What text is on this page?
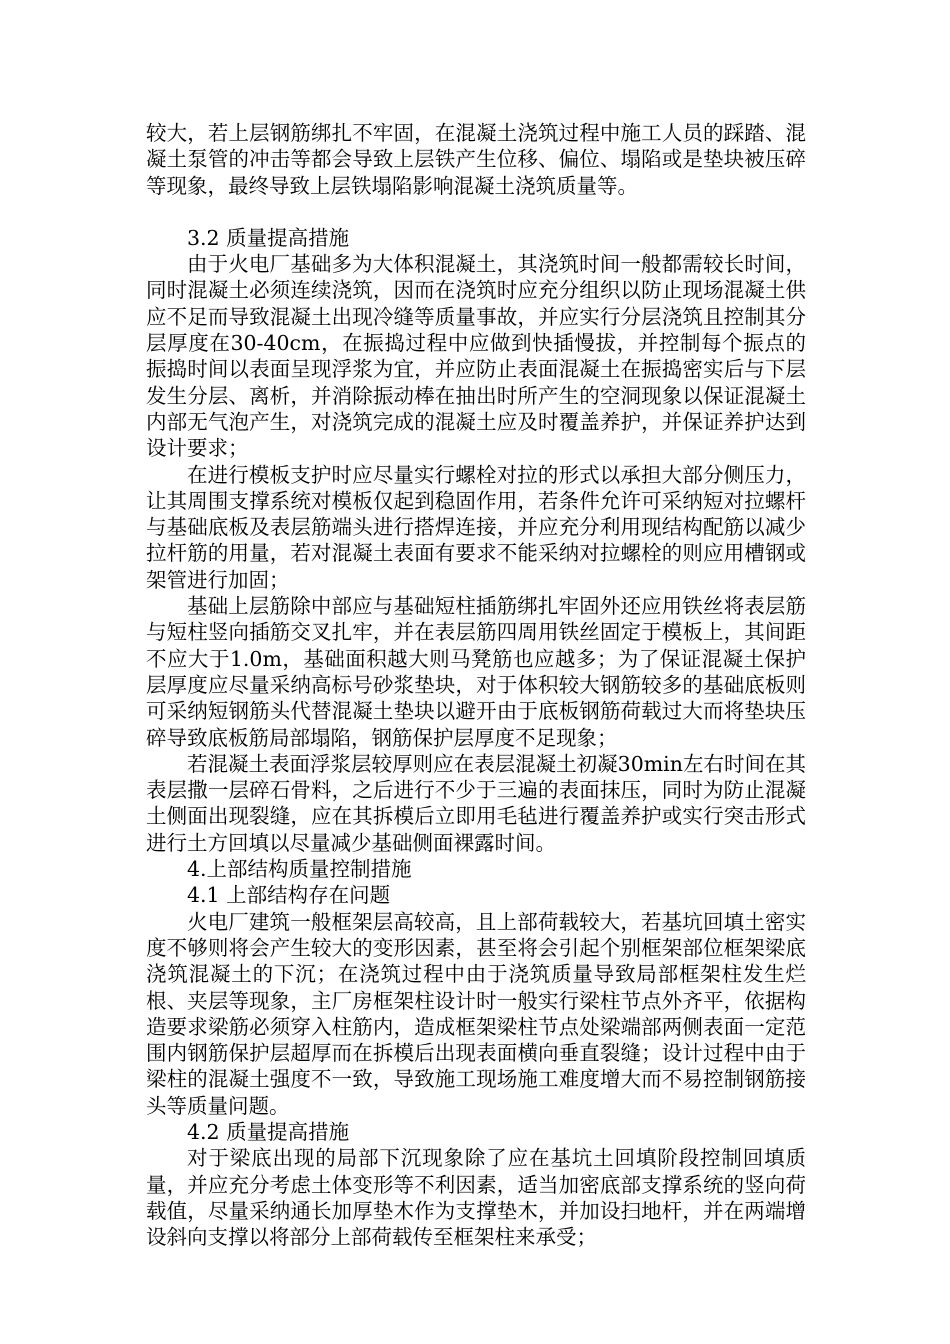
较大，若上层钢筋绑扎不牢固，在混凝土浇筑过程中施工人员的踩踏、混凝土泵管的冲击等都会导致上层铁产生位移、偏位、塌陷或是垫块被压碎等现象，最终导致上层铁塌陷影响混凝土浇筑质量等。

3.2 质量提高措施

由于火电厂基础多为大体积混凝土，其浇筑时间一般都需较长时间，同时混凝土必须连续浇筑，因而在浇筑时应充分组织以防止现场混凝土供应不足而导致混凝土出现冷缝等质量事故，并应实行分层浇筑且控制其分层厚度在30-40cm，在振捣过程中应做到快插慢拔，并控制每个振点的振捣时间以表面呈现浮浆为宜，并应防止表面混凝土在振捣密实后与下层发生分层、离析，并消除振动棒在抽出时所产生的空洞现象以保证混凝土内部无气泡产生，对浇筑完成的混凝土应及时覆盖养护，并保证养护达到设计要求；

在进行模板支护时应尽量实行螺栓对拉的形式以承担大部分侧压力，让其周围支撑系统对模板仅起到稳固作用，若条件允许可采纳短对拉螺杆与基础底板及表层筋端头进行搭焊连接，并应充分利用现结构配筋以减少拉杆筋的用量，若对混凝土表面有要求不能采纳对拉螺栓的则应用槽钢或架管进行加固；

基础上层筋除中部应与基础短柱插筋绑扎牢固外还应用铁丝将表层筋与短柱竖向插筋交叉扎牢，并在表层筋四周用铁丝固定于模板上，其间距不应大于1.0m，基础面积越大则马凳筋也应越多；为了保证混凝土保护层厚度应尽量采纳高标号砂浆垫块，对于体积较大钢筋较多的基础底板则可采纳短钢筋头代替混凝土垫块以避开由于底板钢筋荷载过大而将垫块压碎导致底板筋局部塌陷，钢筋保护层厚度不足现象；

若混凝土表面浮浆层较厚则应在表层混凝土初凝30min左右时间在其表层撒一层碎石骨料，之后进行不少于三遍的表面抹压，同时为防止混凝土侧面出现裂缝，应在其拆模后立即用毛毡进行覆盖养护或实行突击形式进行土方回填以尽量减少基础侧面裸露时间。

4.上部结构质量控制措施

4.1 上部结构存在问题

火电厂建筑一般框架层高较高，且上部荷载较大，若基坑回填土密实度不够则将会产生较大的变形因素，甚至将会引起个别框架部位框架梁底浇筑混凝土的下沉；在浇筑过程中由于浇筑质量导致局部框架柱发生烂根、夹层等现象，主厂房框架柱设计时一般实行梁柱节点外齐平，依据构造要求梁筋必须穿入柱筋内，造成框架梁柱节点处梁端部两侧表面一定范围内钢筋保护层超厚而在拆模后出现表面横向垂直裂缝；设计过程中由于梁柱的混凝土强度不一致，导致施工现场施工难度增大而不易控制钢筋接头等质量问题。

4.2 质量提高措施

对于梁底出现的局部下沉现象除了应在基坑土回填阶段控制回填质量，并应充分考虑土体变形等不利因素，适当加密底部支撑系统的竖向荷载值，尽量采纳通长加厚垫木作为支撑垫木，并加设扫地杆，并在两端增设斜向支撑以将部分上部荷载传至框架柱来承受；
